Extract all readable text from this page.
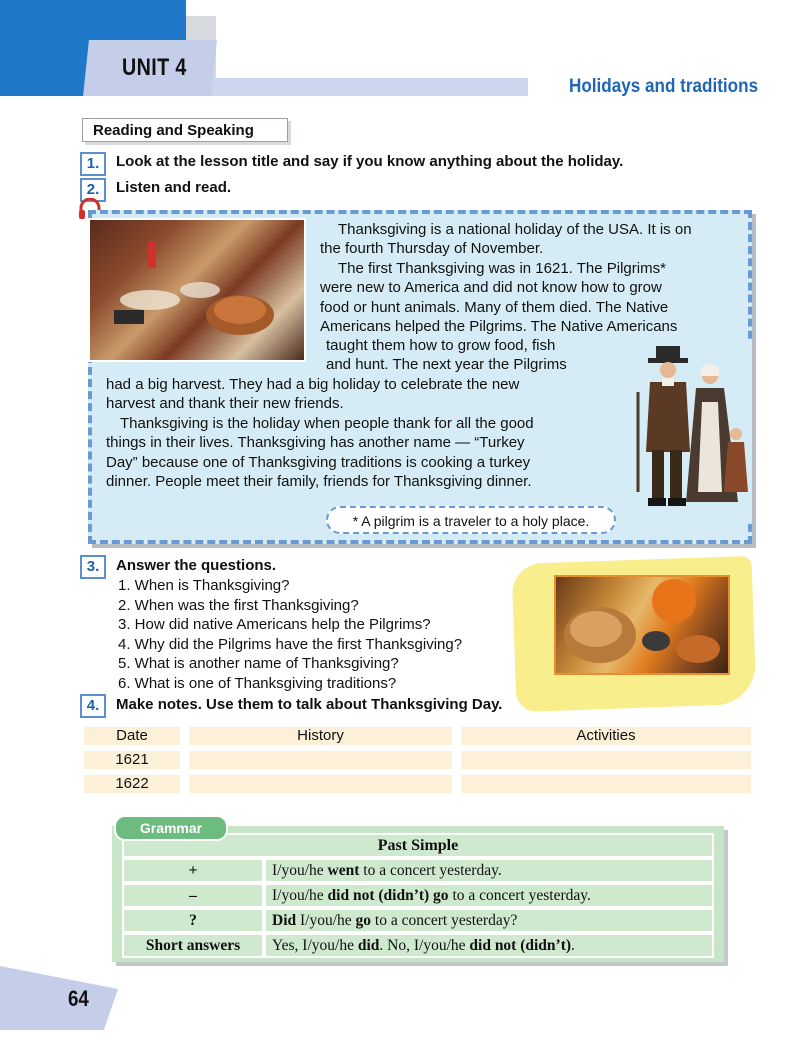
UNIT 4
Holidays and traditions
Reading and Speaking
1.	Look at the lesson title and say if you know anything about the holiday.
2.	Listen and read.
Thanksgiving is a national holiday of the USA. It is on
the fourth Thursday of November.
The first Thanksgiving was in 1621. The Pilgrims*
were new to America and did not know how to grow
food or hunt animals. Many of them died. The Native
Americans helped the Pilgrims. The Native Americans
taught them how to grow food, fish
and hunt. The next year the Pilgrims
had a big harvest. They had a big holiday to celebrate the new
harvest and thank their new friends.
Thanksgiving is the holiday when people thank for all the good
things in their lives. Thanksgiving has another name — “Turkey
Day” because one of Thanksgiving traditions is cooking a turkey
dinner. People meet their family, friends for Thanksgiving dinner.
* A pilgrim is a traveler to a holy place.
3.	Answer the questions.
1. When is Thanksgiving?
2. When was the first Thanksgiving?
3. How did native Americans help the Pilgrims?
4. Why did the Pilgrims have the first Thanksgiving?
5. What is another name of Thanksgiving?
6. What is one of Thanksgiving traditions?
4.	Make notes. Use them to talk about Thanksgiving Day.
Date	History	Activities
1621
1622
Past Simple	
+	I/you/he went to a concert yesterday.
–	I/you/he did not (didn’t) go to a concert yesterday.
?	Did I/you/he go to a concert yesterday?
Short answers	Yes, I/you/he did. No, I/you/he did not (didn’t).
Grammar
64
